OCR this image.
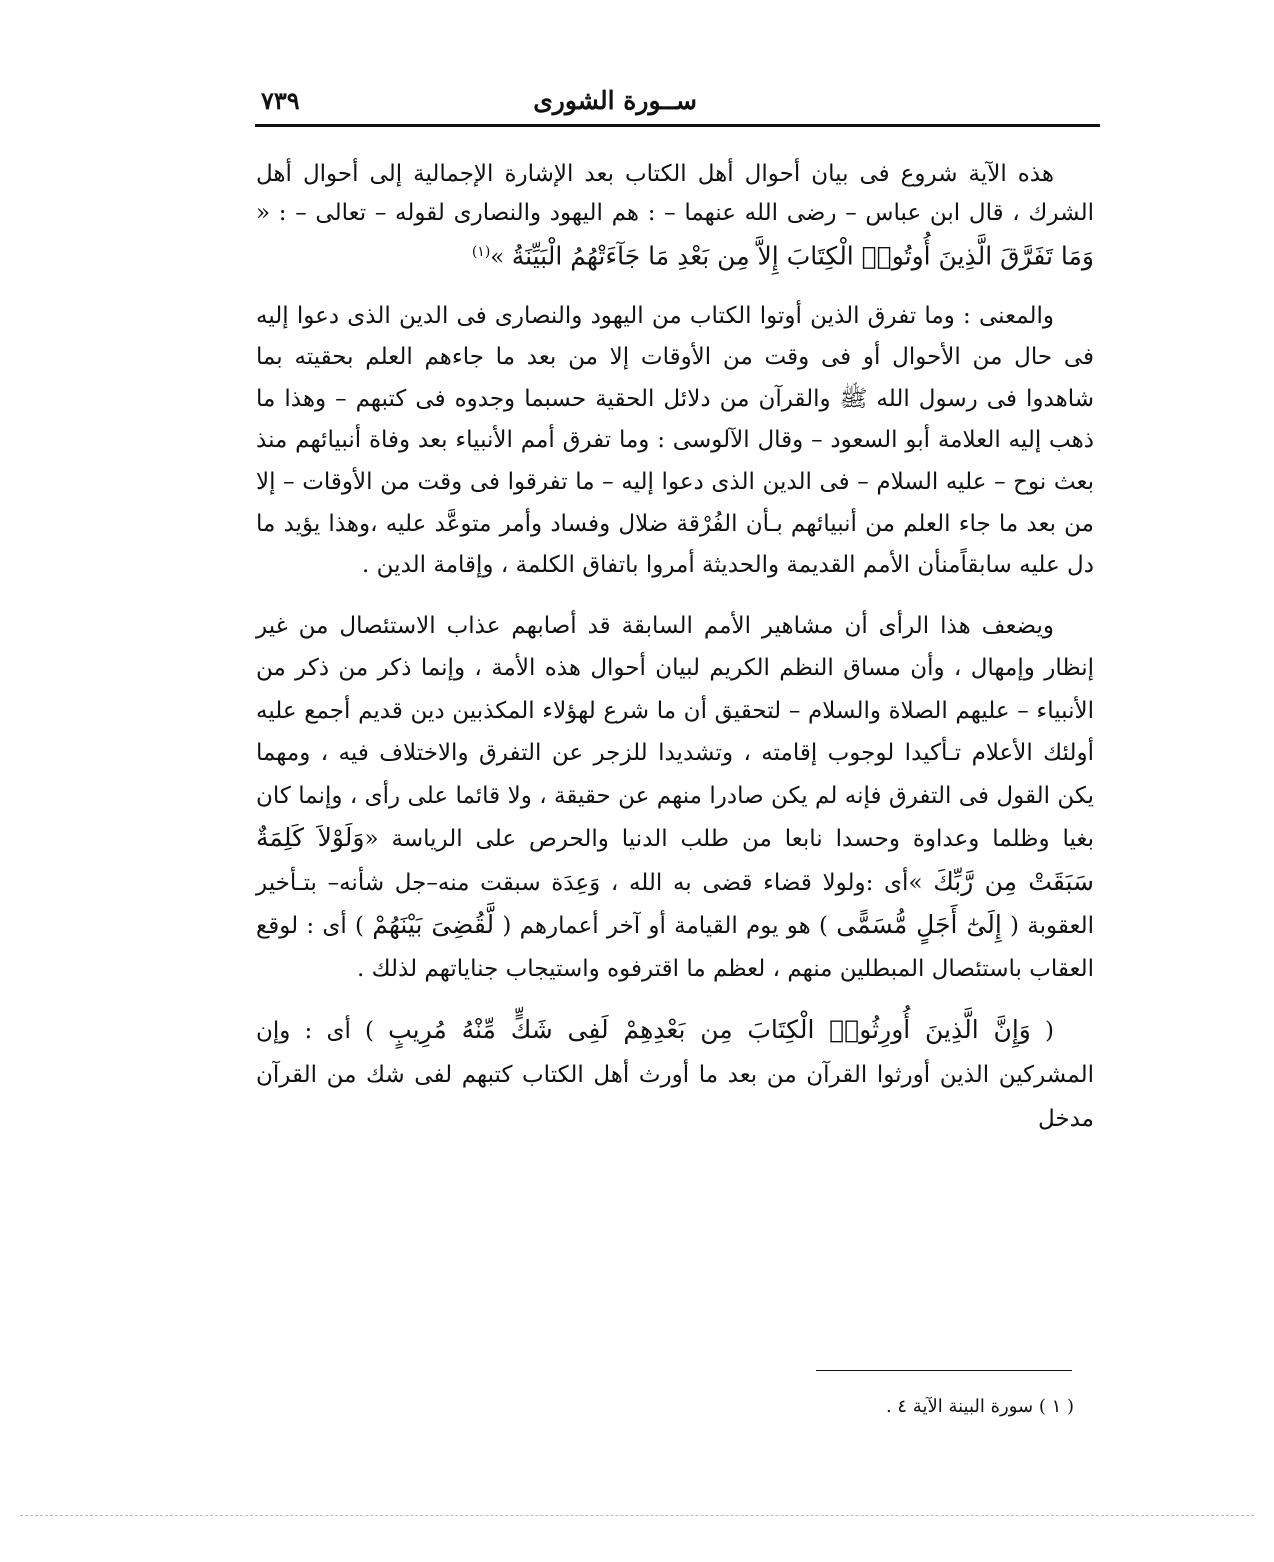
ســورة الشورى
٧٣٩

هذه الآية شروع فى بيان أحوال أهل الكتاب بعد الإشارة الإجمالية إلى أحوال أهل الشرك ، قال ابن عباس – رضى الله عنهما – : هم اليهود والنصارى لقوله – تعالى – : « وَمَا تَفَرَّقَ الَّذِينَ أُوتُوا۟ الْكِتَابَ إِلاَّ مِن بَعْدِ مَا جَآءَتْهُمُ الْبَيِّنَةُ »$^{(١)}$

والمعنى : وما تفرق الذين أوتوا الكتاب من اليهود والنصارى فى الدين الذى دعوا إليه فى حال من الأحوال أو فى وقت من الأوقات إلا من بعد ما جاءهم العلم بحقيته بما شاهدوا فى رسول الله ﷺ والقرآن من دلائل الحقية حسبما وجدوه فى كتبهم – وهذا ما ذهب إليه العلامة أبو السعود – وقال الآلوسى : وما تفرق أمم الأنبياء بعد وفاة أنبيائهم منذ بعث نوح – عليه السلام – فى الدين الذى دعوا إليه – ما تفرقوا فى وقت من الأوقات – إلا من بعد ما جاء العلم من أنبيائهم بـأن الفُرْقة ضلال وفساد وأمر متوعَّد عليه ،وهذا يؤيد ما دل عليه سابقاًمنأن الأمم القديمة والحديثة أمروا باتفاق الكلمة ، وإقامة الدين .

ويضعف هذا الرأى أن مشاهير الأمم السابقة قد أصابهم عذاب الاستئصال من غير إنظار وإمهال ، وأن مساق النظم الكريم لبيان أحوال هذه الأمة ، وإنما ذكر من ذكر من الأنبياء – عليهم الصلاة والسلام – لتحقيق أن ما شرع لهؤلاء المكذبين دين قديم أجمع عليه أولئك الأعلام تـأكيدا لوجوب إقامته ، وتشديدا للزجر عن التفرق والاختلاف فيه ، ومهما يكن القول فى التفرق فإنه لم يكن صادرا منهم عن حقيقة ، ولا قائما على رأى ، وإنما كان بغيا وظلما وعداوة وحسدا نابعا من طلب الدنيا والحرص على الرياسة «وَلَوْلاَ كَلِمَةٌ سَبَقَتْ مِن رَّبِّكَ »أى :ولولا قضاء قضى به الله ، وَعِدَة سبقت منه–جل شأنه– بتـأخير العقوبة ( إِلَىٰٓ أَجَلٍ مُّسَمًّى ) هو يوم القيامة أو آخر أعمارهم ( لَّقُضِىَ بَيْنَهُمْ ) أى : لوقع العقاب باستئصال المبطلين منهم ، لعظم ما اقترفوه واستيجاب جناياتهم لذلك .

( وَإِنَّ الَّذِينَ أُورِثُوا۟ الْكِتَابَ مِن بَعْدِهِمْ لَفِى شَكٍّ مِّنْهُ مُرِيبٍ ) أى : وإن المشركين الذين أورثوا القرآن من بعد ما أورث أهل الكتاب كتبهم لفى شك من القرآن مدخل

( ١ ) سورة البينة الآية ٤ .
